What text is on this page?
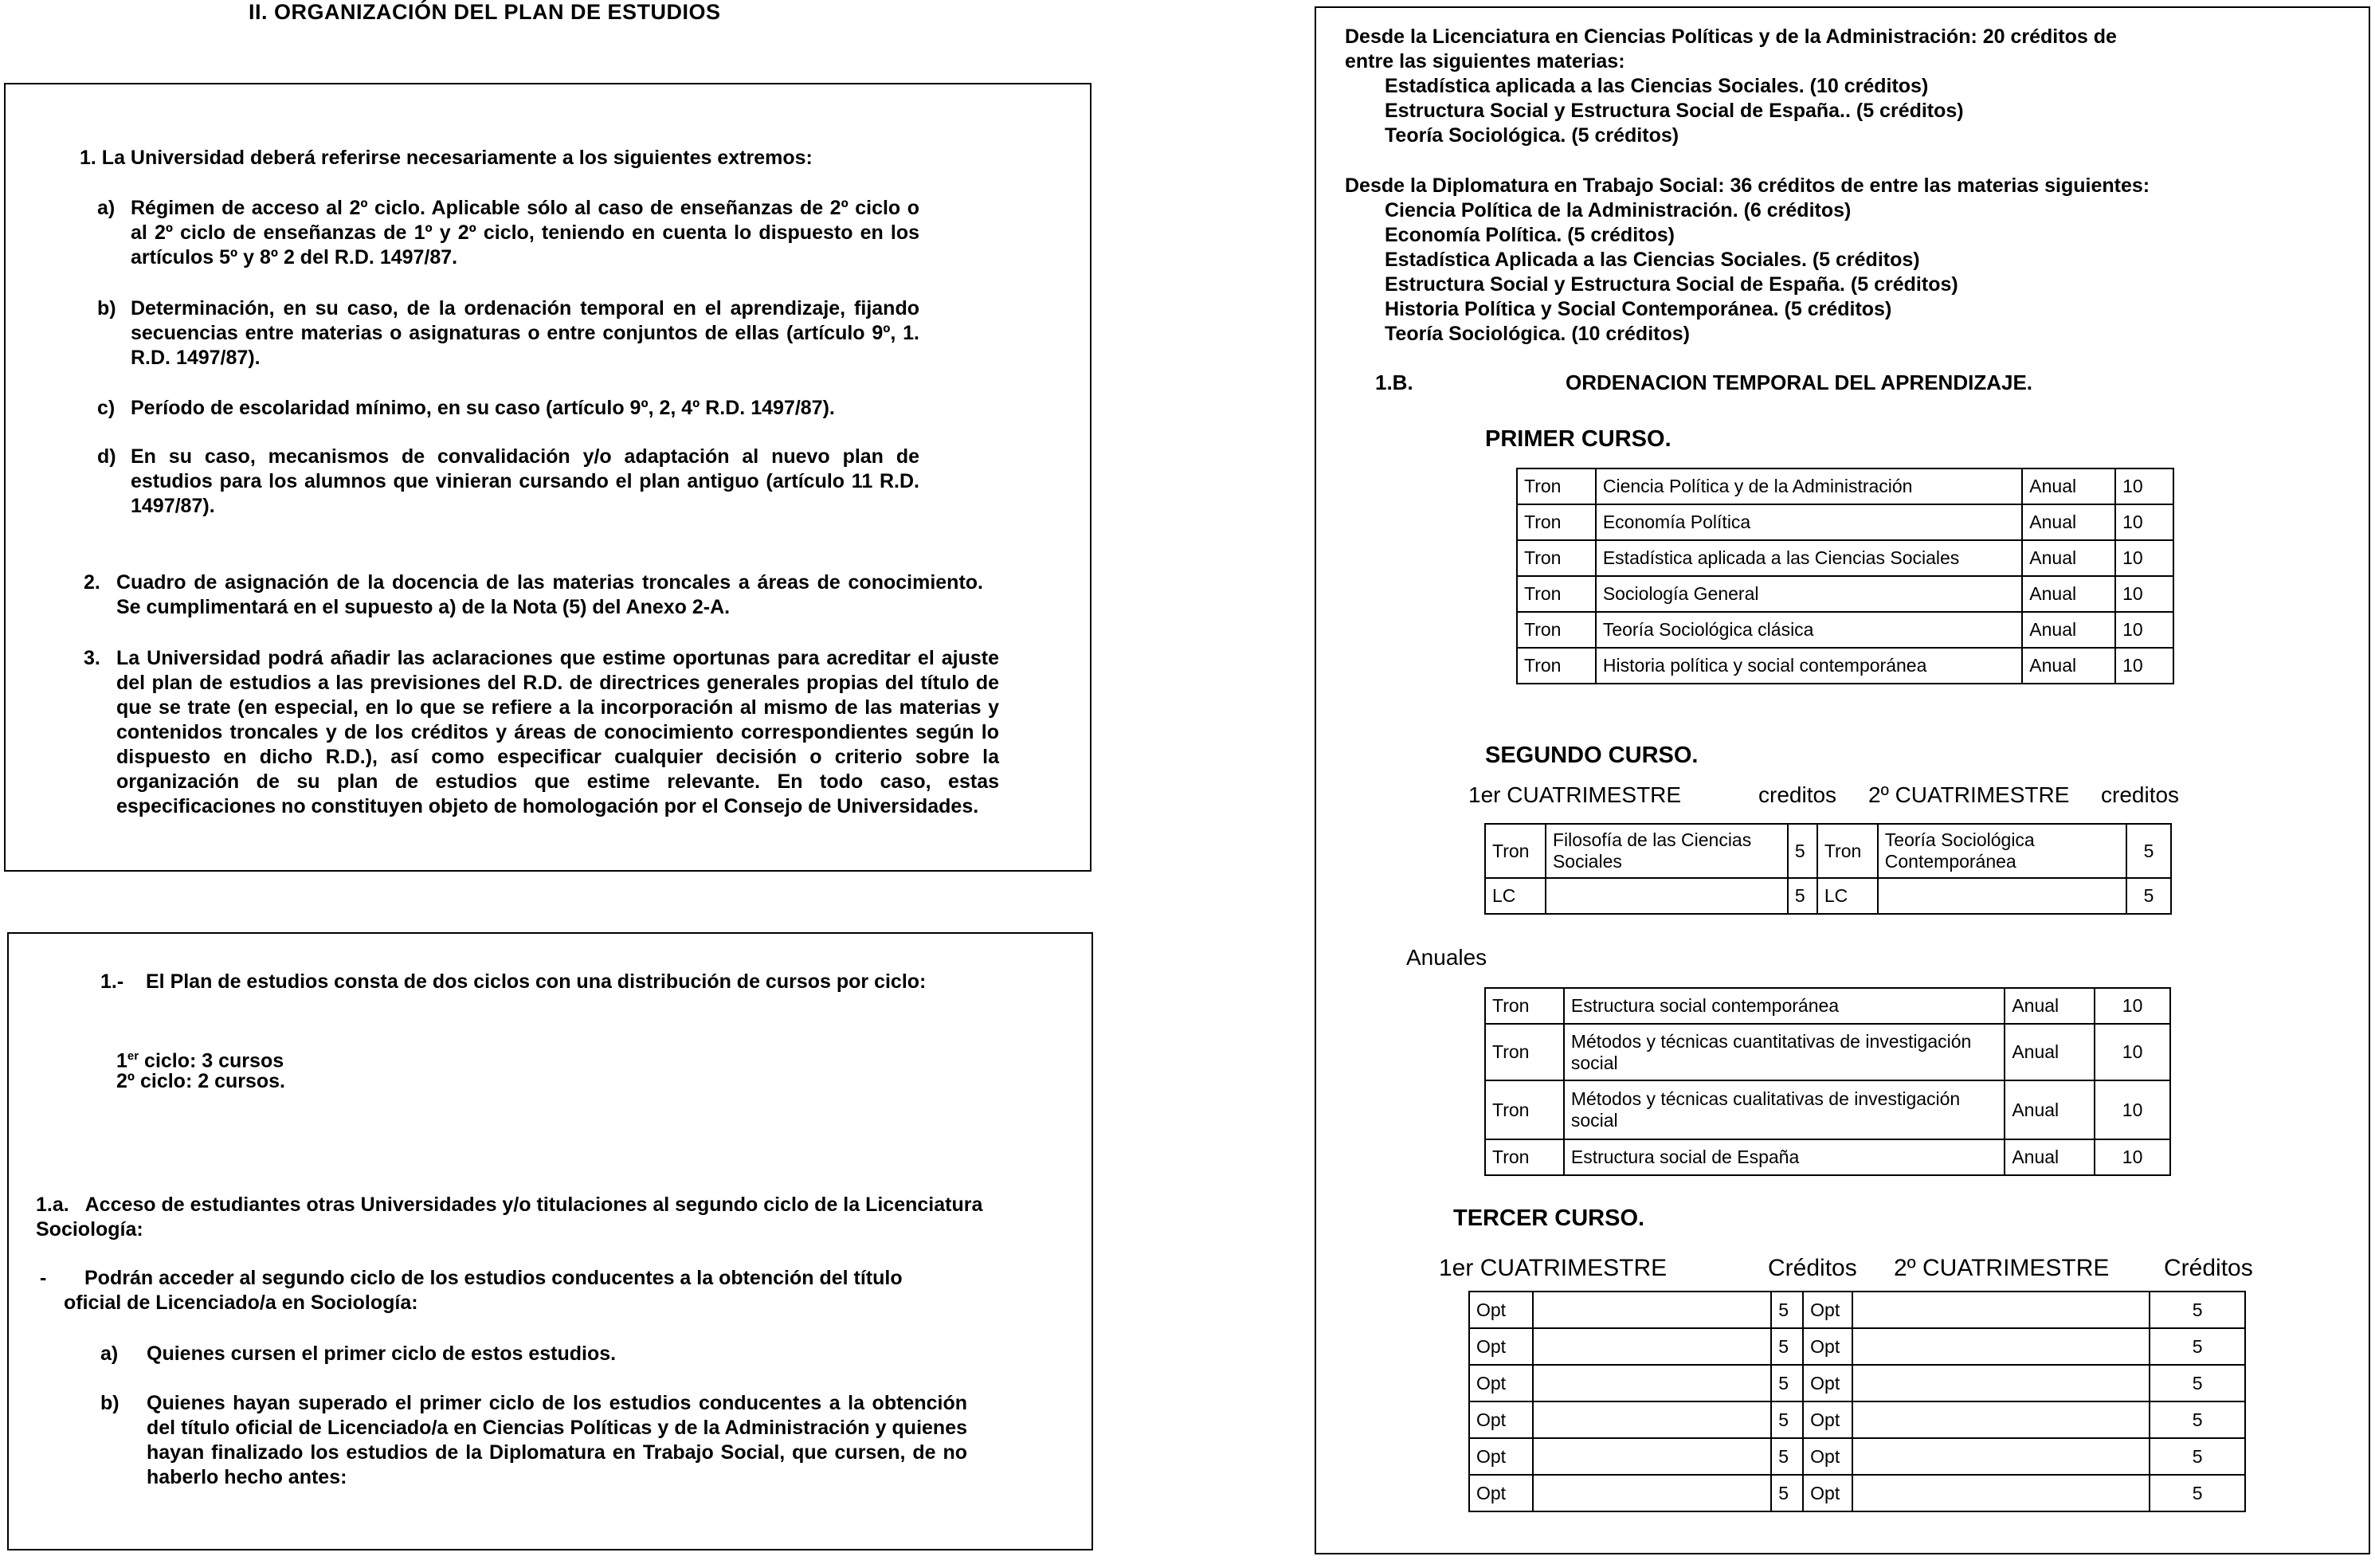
II. ORGANIZACIÓN DEL PLAN DE ESTUDIOS
1. La Universidad deberá referirse necesariamente a los siguientes extremos:
a) Régimen de acceso al 2º ciclo. Aplicable sólo al caso de enseñanzas de 2º ciclo o al 2º ciclo de enseñanzas de 1º y 2º ciclo, teniendo en cuenta lo dispuesto en los artículos 5º y 8º 2 del R.D. 1497/87.
b) Determinación, en su caso, de la ordenación temporal en el aprendizaje, fijando secuencias entre materias o asignaturas o entre conjuntos de ellas (artículo 9º, 1. R.D. 1497/87).
c) Período de escolaridad mínimo, en su caso (artículo 9º, 2, 4º R.D. 1497/87).
d) En su caso, mecanismos de convalidación y/o adaptación al nuevo plan de estudios para los alumnos que vinieran cursando el plan antiguo (artículo 11 R.D. 1497/87).
2. Cuadro de asignación de la docencia de las materias troncales a áreas de conocimiento. Se cumplimentará en el supuesto a) de la Nota (5) del Anexo 2-A.
3. La Universidad podrá añadir las aclaraciones que estime oportunas para acreditar el ajuste del plan de estudios a las previsiones del R.D. de directrices generales propias del título de que se trate (en especial, en lo que se refiere a la incorporación al mismo de las materias y contenidos troncales y de los créditos y áreas de conocimiento correspondientes según lo dispuesto en dicho R.D.), así como especificar cualquier decisión o criterio sobre la organización de su plan de estudios que estime relevante. En todo caso, estas especificaciones no constituyen objeto de homologación por el Consejo de Universidades.
1.-	El Plan de estudios consta de dos ciclos con una distribución de cursos por ciclo:
1er ciclo: 3 cursos
2º ciclo: 2 cursos.
1.a.   Acceso de estudiantes otras Universidades y/o titulaciones al segundo ciclo de la Licenciatura Sociología:
-	Podrán acceder al segundo ciclo de los estudios conducentes a la obtención del título oficial de Licenciado/a en Sociología:
a) Quienes cursen el primer ciclo de estos estudios.
b) Quienes hayan superado el primer ciclo de los estudios conducentes a la obtención del título oficial de Licenciado/a en Ciencias Políticas y de la Administración y quienes hayan finalizado los estudios de la Diplomatura en Trabajo Social, que cursen, de no haberlo hecho antes:
Desde la Licenciatura en Ciencias Políticas y de la Administración: 20 créditos de
entre las siguientes materias:
Estadística aplicada a las Ciencias Sociales. (10 créditos)
Estructura Social y Estructura Social de España.. (5 créditos)
Teoría Sociológica. (5 créditos)
Desde la Diplomatura en Trabajo Social: 36 créditos de entre las materias siguientes:
Ciencia Política de la Administración. (6 créditos)
Economía Política. (5 créditos)
Estadística Aplicada a las Ciencias Sociales. (5 créditos)
Estructura Social y Estructura Social de España. (5 créditos)
Historia Política y Social Contemporánea. (5 créditos)
Teoría Sociológica. (10 créditos)
1.B.	ORDENACION TEMPORAL DEL APRENDIZAJE.
PRIMER CURSO.
Tron	Ciencia Política y de la Administración	Anual	10
Tron	Economía Política	Anual	10
Tron	Estadística aplicada a las Ciencias Sociales	Anual	10
Tron	Sociología General	Anual	10
Tron	Teoría Sociológica clásica	Anual	10
Tron	Historia política y social contemporánea	Anual	10
SEGUNDO CURSO.
1er CUATRIMESTRE	creditos 2º CUATRIMESTRE creditos
Tron	Filosofía de las Ciencias Sociales	5	Tron	Teoría Sociológica Contemporánea	5
LC		5	LC		5
Anuales
Tron	Estructura social contemporánea	Anual	10
Tron	Métodos y técnicas cuantitativas de investigación social	Anual	10
Tron	Métodos y técnicas cualitativas de investigación social	Anual	10
Tron	Estructura social de España	Anual	10
TERCER CURSO.
1er CUATRIMESTRE	Créditos 2º CUATRIMESTRE Créditos
Opt		5	Opt		5
Opt		5	Opt		5
Opt		5	Opt		5
Opt		5	Opt		5
Opt		5	Opt		5
Opt		5	Opt		5
